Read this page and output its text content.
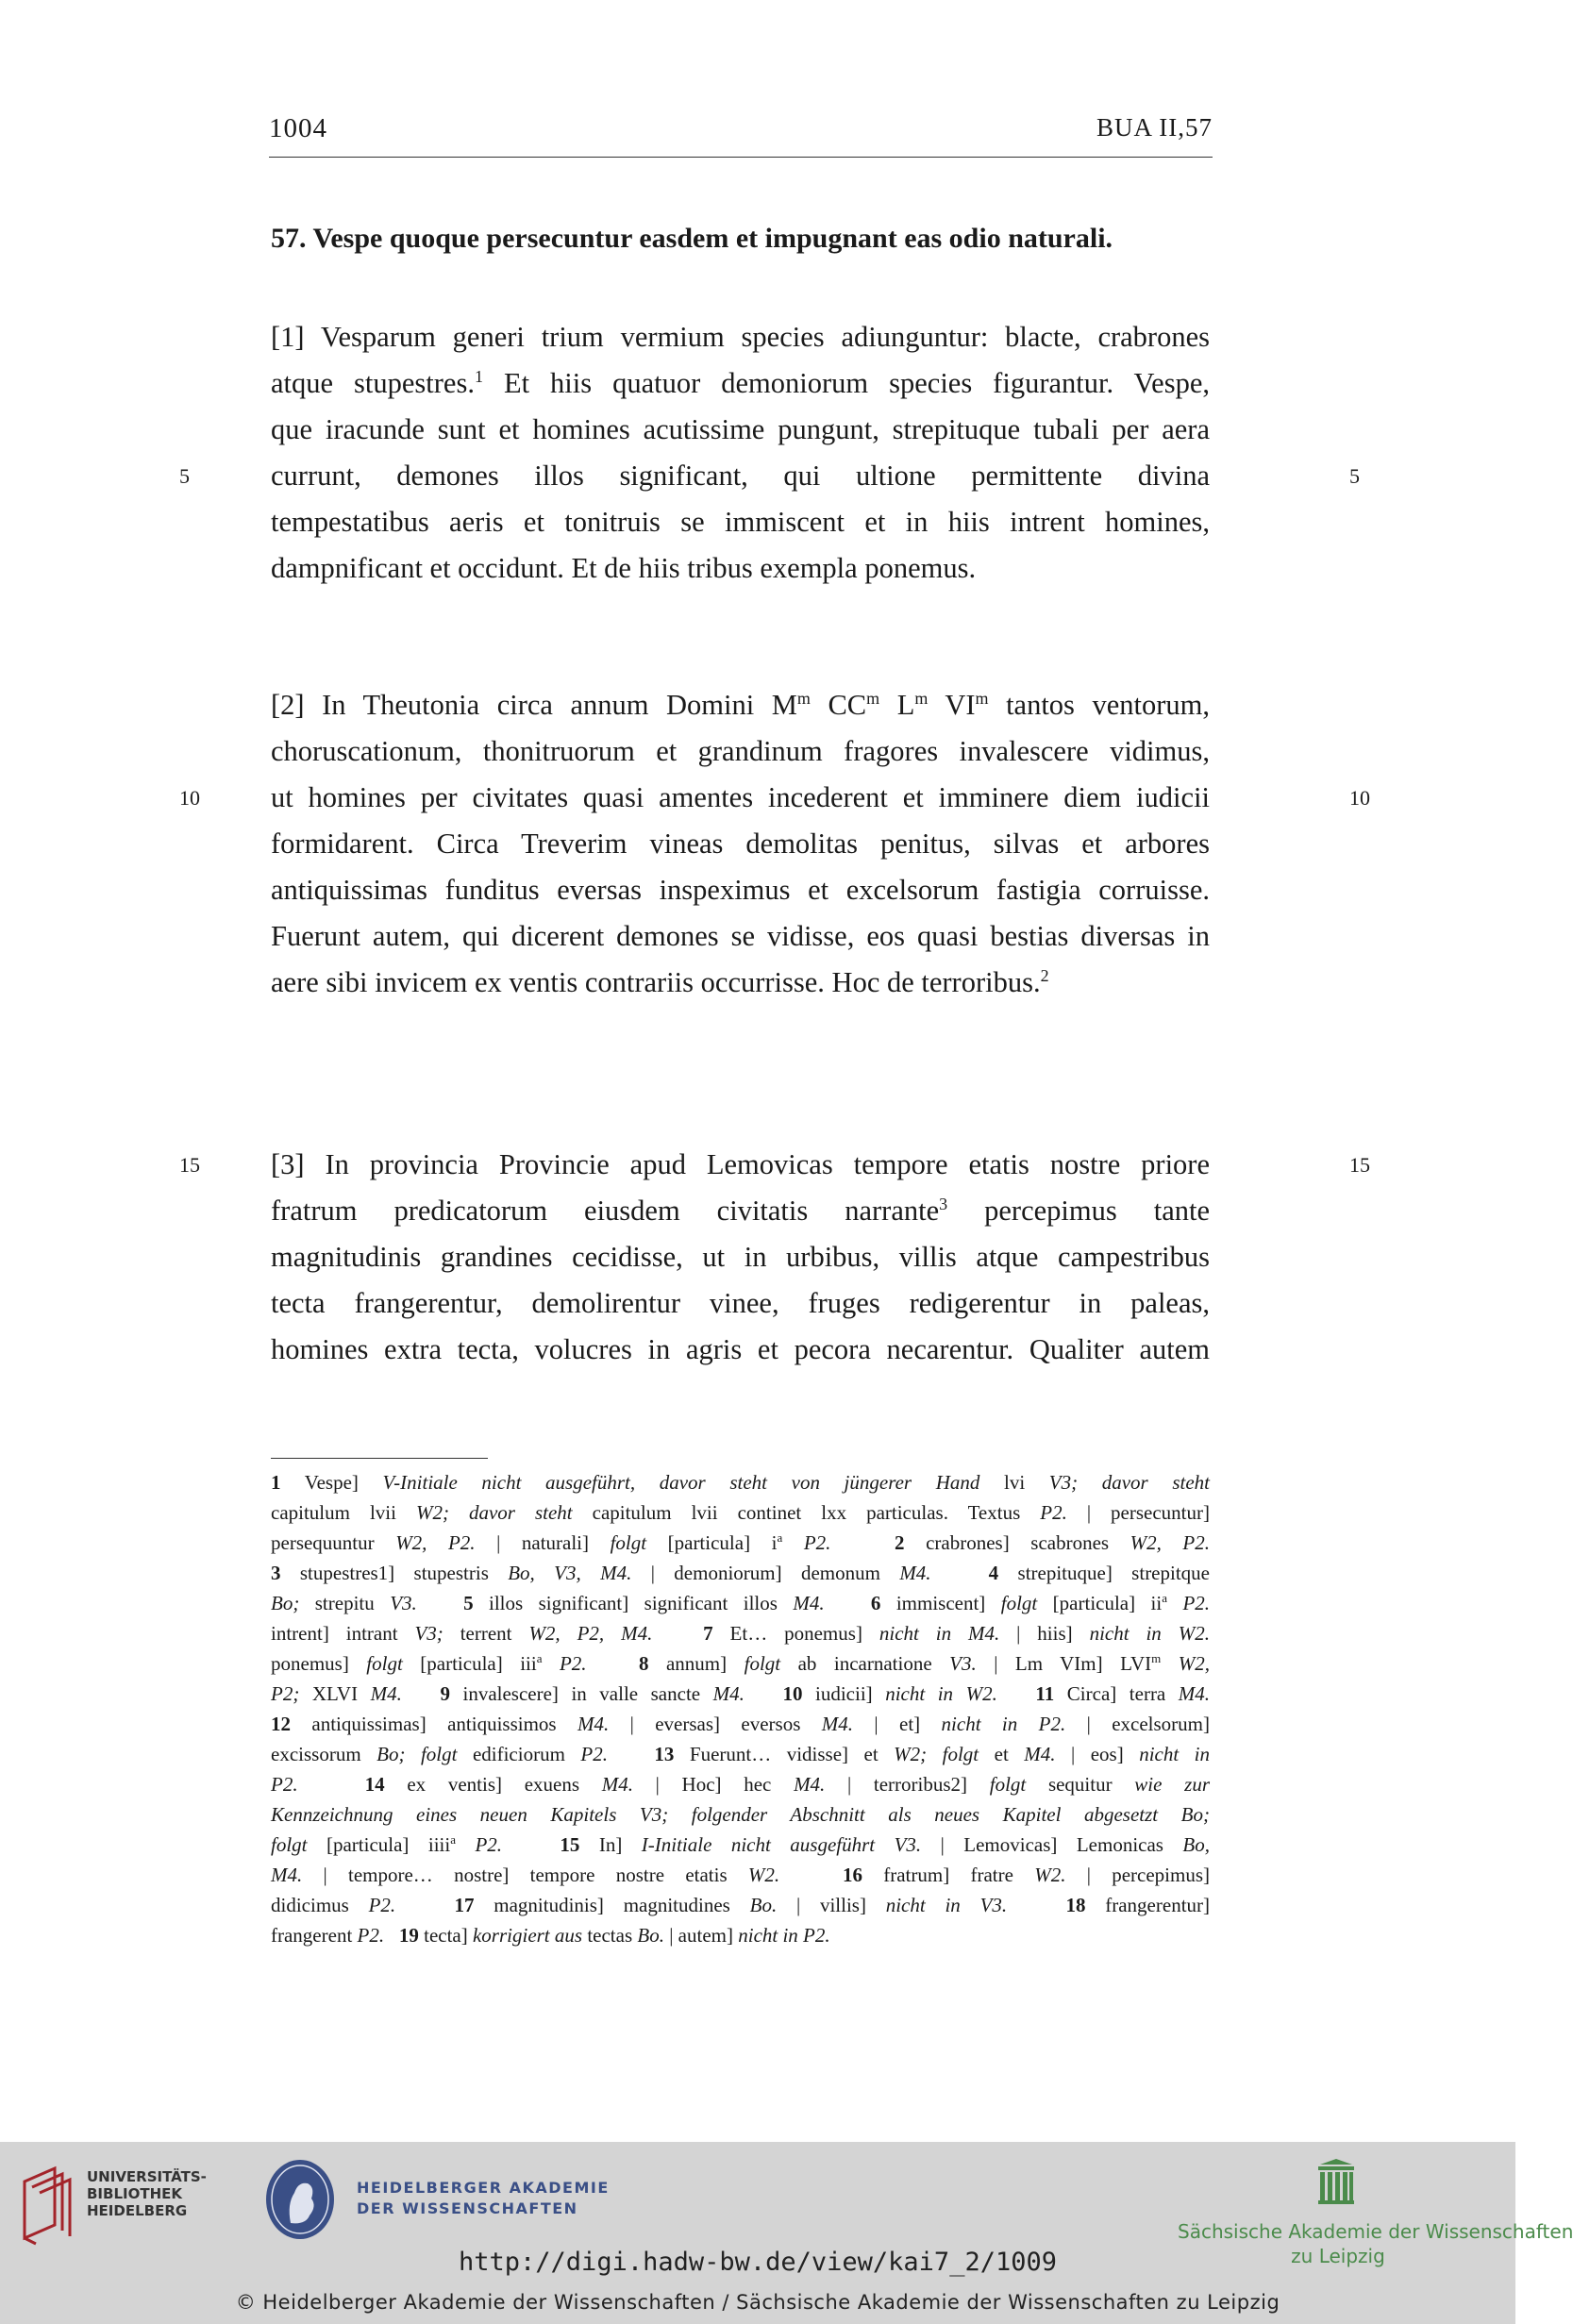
1004	BUA II,57
57. Vespe quoque persecuntur easdem et impugnant eas odio naturali.
[1] Vesparum generi trium vermium species adiunguntur: blacte, crabrones
atque stupestres.$^1$ Et hiis quatuor demoniorum species figurantur. Vespe,
que iracunde sunt et homines acutissime pungunt, strepituque tubali per aera
currunt, demones illos significant, qui ultione permittente divina
tempestatibus aeris et tonitruis se immiscent et in hiis intrent homines,
dampnificant et occidunt. Et de hiis tribus exempla ponemus.
[2] In Theutonia circa annum Domini $M^m$ $CC^m$ $L^m$ $VI^m$ tantos ventorum,
choruscationum, thonitruorum et grandinum fragores invalescere vidimus,
ut homines per civitates quasi amentes incederent et imminere diem iudicii
formidarent. Circa Treverim vineas demolitas penitus, silvas et arbores
antiquissimas funditus eversas inspeximus et excelsorum fastigia corruisse.
Fuerunt autem, qui dicerent demones se vidisse, eos quasi bestias diversas in
aere sibi invicem ex ventis contrariis occurrisse. Hoc de terroribus.$^2$
[3] In provincia Provincie apud Lemovicas tempore etatis nostre priore
fratrum predicatorum eiusdem civitatis narrante$^3$ percepimus tante
magnitudinis grandines cecidisse, ut in urbibus, villis atque campestribus
tecta frangerentur, demolirentur vinee, fruges redigerentur in paleas,
homines extra tecta, volucres in agris et pecora necarentur. Qualiter autem
5	5
10	10
15	15
1 Vespe] V-Initiale nicht ausgeführt, davor steht von jüngerer Hand lvi V3; davor steht
capitulum lvii W2; davor steht capitulum lvii continet lxx particulas. Textus P2. | persecuntur]
persequuntur W2, P2. | naturali] folgt [particula] $i^a$ P2.	2 crabrones] scabrones W2, P2.
3 stupestres1] stupestris Bo, V3, M4. | demoniorum] demonum M4.	4 strepituque] strepitque
Bo; strepitu V3. 5 illos significant] significant illos M4. 6 immiscent] folgt [particula] $ii^a$ P2.
intrent] intrant V3; terrent W2, P2, M4.	7 Et… ponemus] nicht in M4. | hiis] nicht in W2.
ponemus] folgt [particula] iii$^a$ P2.	8 annum] folgt ab incarnatione V3. | Lm VIm] LVI$^m$ W2,
P2; XLVI M4. 9 invalescere] in valle sancte M4. 10 iudicii] nicht in W2. 11 Circa] terra M4.
12 antiquissimas] antiquissimos M4. | eversas] eversos M4. | et] nicht in P2. | excelsorum]
excissorum Bo; folgt edificiorum P2. 13 Fuerunt… vidisse] et W2; folgt et M4. | eos] nicht in
P2.	14 ex ventis] exuens M4. | Hoc] hec M4. | terroribus2] folgt sequitur wie zur
Kennzeichnung eines neuen Kapitels V3; folgender Abschnitt als neues Kapitel abgesetzt Bo;
folgt [particula] iiii$^a$ P2.	15 In] I-Initiale nicht ausgeführt V3. | Lemovicas] Lemonicas Bo,
M4. | tempore… nostre] tempore nostre etatis W2.	16 fratrum] fratre W2. | percepimus]
didicimus P2.	17 magnitudinis] magnitudines Bo. | villis] nicht in V3.	18 frangerentur]
frangerent P2. 19 tecta] korrigiert aus tectas Bo. | autem] nicht in P2.
UNIVERSITÄTS-
BIBLIOTHEK
HEIDELBERG
HEIDELBERGER AKADEMIE
DER WISSENSCHAFTEN
Sächsische Akademie der Wissenschaften
zu Leipzig
http://digi.hadw-bw.de/view/kai7_2/1009
© Heidelberger Akademie der Wissenschaften / Sächsische Akademie der Wissenschaften zu Leipzig
